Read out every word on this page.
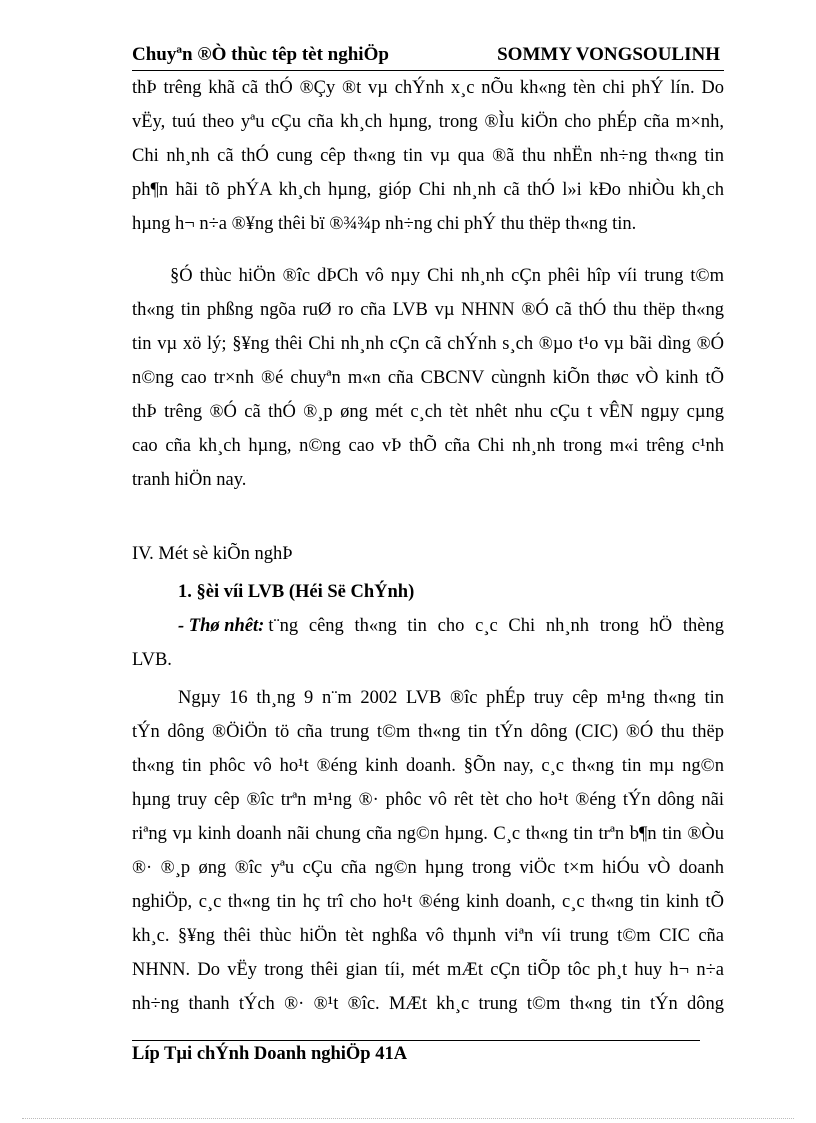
Chuyªn ®Ò thùc têp tèt nghiÖp	SOMMY VONGSOULINH
thÞ trêng khã cã thÓ ®Çy ®t vµ chÝnh x¸c nÕu kh«ng tèn chi phÝ lín. Do
vËy, tuú theo yªu cÇu cña kh¸ch hµng, trong ®Ìu kiÖn cho phÉp cña m×nh,
Chi nh¸nh cã thÓ cung cêp th«ng tin vµ qua ®ã thu nhËn nh÷ng th«ng tin
ph¶n hãi tõ phÝA kh¸ch hµng, gióp Chi nh¸nh cã thÓ l»i kÐo nhiÒu kh¸ch
hµng h¬ n÷a ®¥ng thêi bï ®¾¾p nh÷ng chi phÝ thu thëp th«ng tin.
§Ó thùc hiÖn ®îc dÞCh vô nµy Chi nh¸nh cÇn phêi hîp víi trung t©m
th«ng tin phßng ngõa ruØ ro cña LVB vµ NHNN ®Ó cã thÓ thu thëp th«ng
tin vµ xö lý; §¥ng thêi Chi nh¸nh cÇn cã chÝnh s¸ch ®µo t¹o vµ bãi dìng ®Ó
n©ng cao tr×nh ®é chuyªn m«n cña CBCNV cùngnh kiÕn thøc vÒ kinh tÕ
thÞ trêng ®Ó cã thÓ ®¸p øng mét c¸ch tèt nhêt nhu cÇu t vÊN ngµy cµng
cao cña kh¸ch hµng, n©ng cao vÞ thÕ cña Chi nh¸nh trong m«i trêng c¹nh
tranh hiÖn nay.
IV. Mét sè kiÕn nghÞ
1. §èi víi LVB (Héi Së ChÝnh)
- Thø nhêt: t¨ng cêng th«ng tin cho c¸c Chi nh¸nh trong hÖ thèng
LVB.
Ngµy 16 th¸ng 9 n¨m 2002 LVB ®îc phÉp truy cêp m¹ng th«ng tin
tÝn dông ®ÖiÖn tö cña trung t©m th«ng tin tÝn dông (CIC) ®Ó thu thëp
th«ng tin phôc vô ho¹t ®éng kinh doanh. §Õn nay, c¸c th«ng tin mµ ng©n
hµng truy cêp ®îc trªn m¹ng ®· phôc vô rêt tèt cho ho¹t ®éng tÝn dông nãi
riªng vµ kinh doanh nãi chung cña ng©n hµng. C¸c th«ng tin trªn b¶n tin ®Òu
®· ®¸p øng ®îc yªu cÇu cña ng©n hµng trong viÖc t×m hiÓu vÒ doanh
nghiÖp, c¸c th«ng tin hç trî cho ho¹t ®éng kinh doanh, c¸c th«ng tin kinh tÕ
kh¸c. §¥ng thêi thùc hiÖn tèt nghßa vô thµnh viªn víi trung t©m CIC cña
NHNN. Do vËy trong thêi gian tíi, mét mÆt cÇn tiÕp tôc ph¸t huy h¬ n÷a
nh÷ng thanh tÝch ®· ®¹t ®îc. MÆt kh¸c trung t©m th«ng tin tÝn dông
Líp Tµi chÝnh Doanh nghiÖp 41A
